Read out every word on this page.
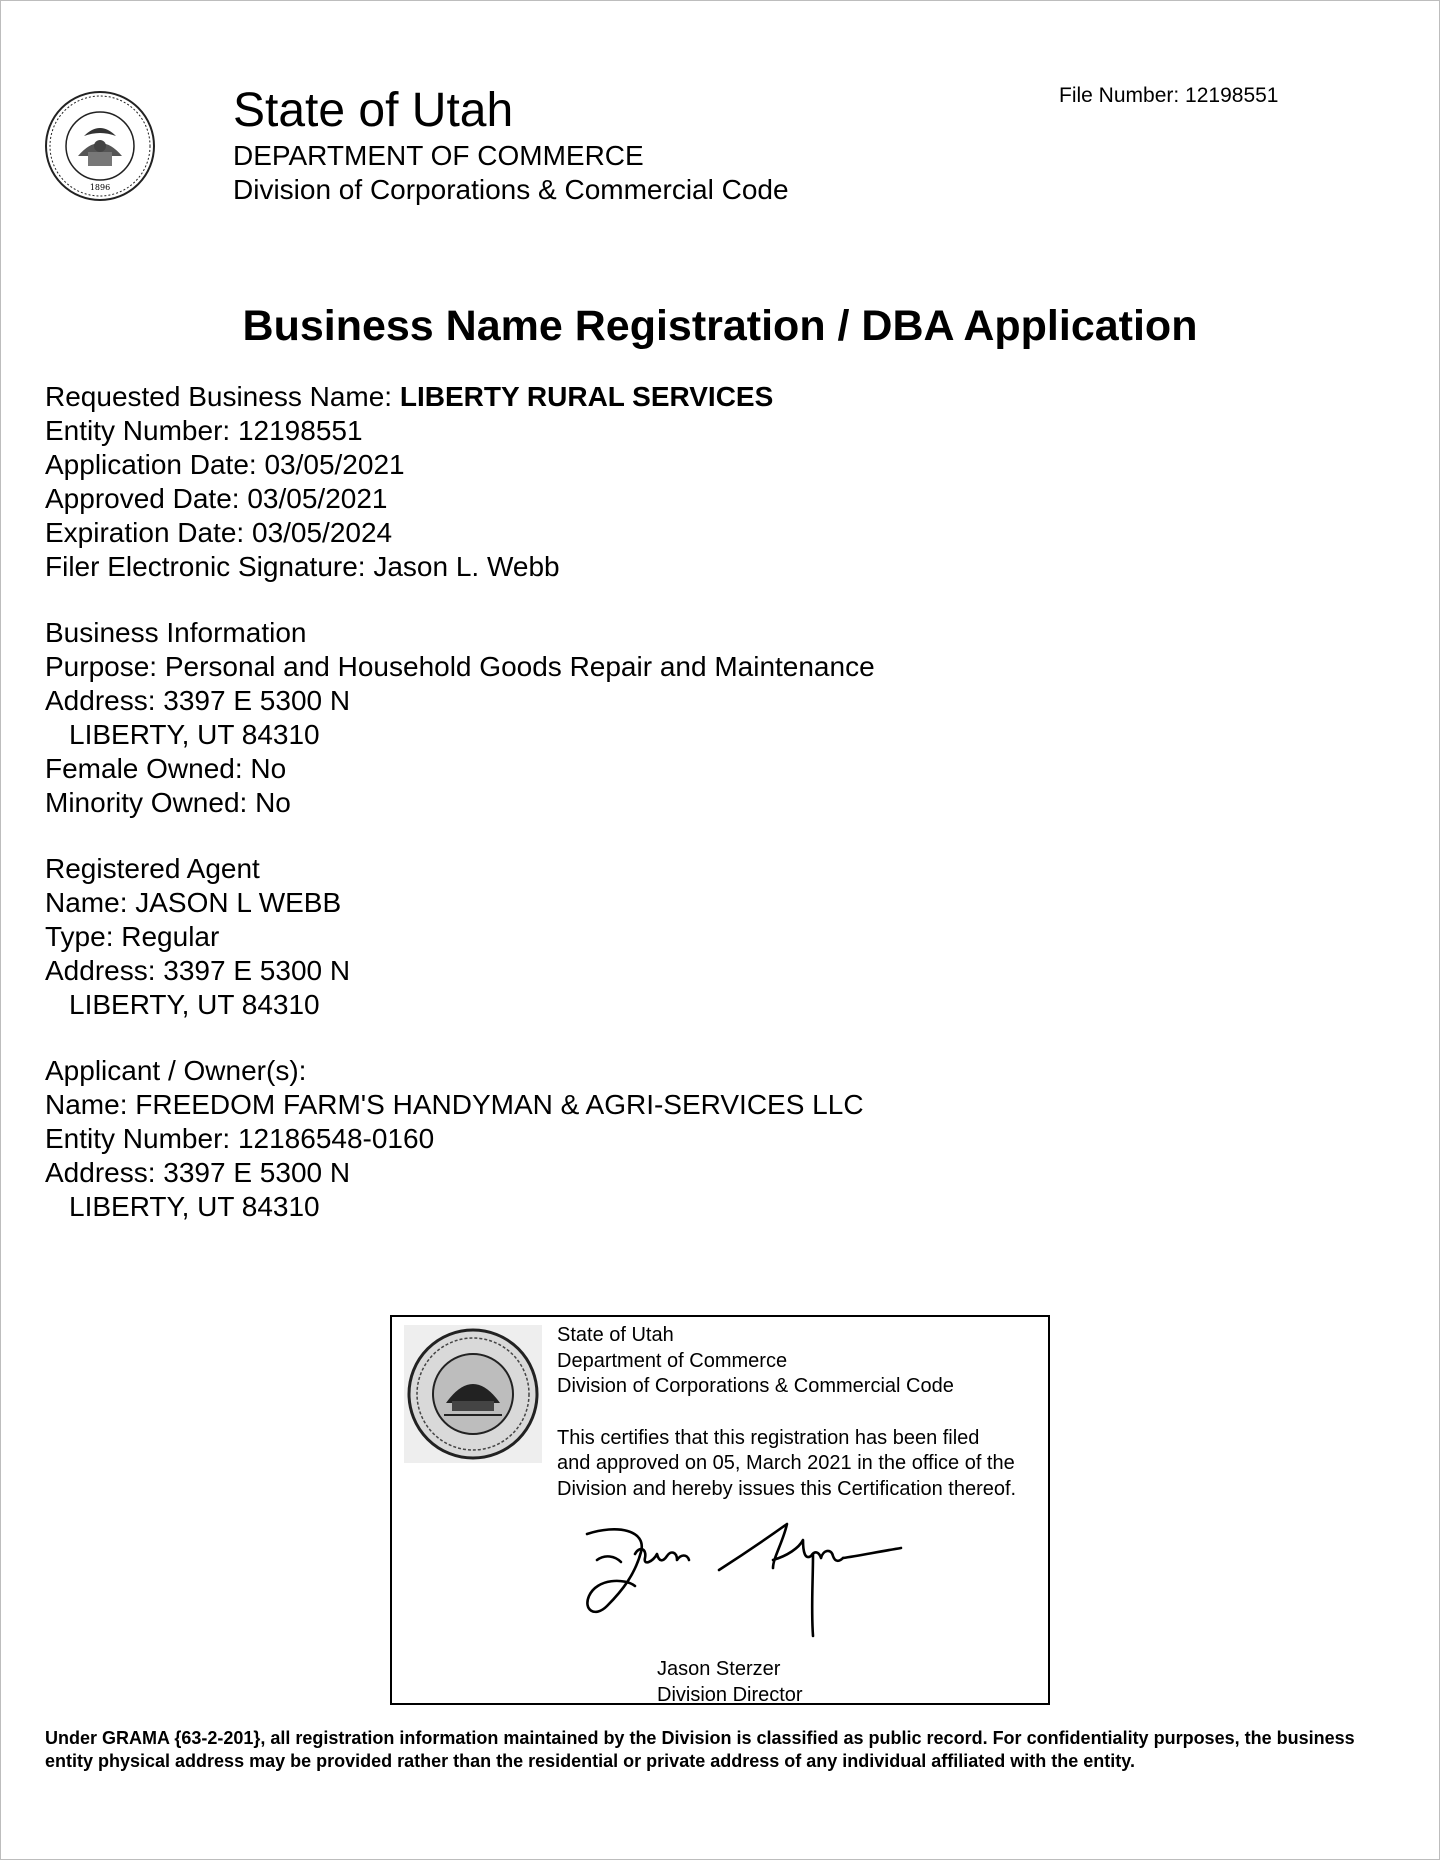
1896
State of Utah
DEPARTMENT OF COMMERCE
Division of Corporations & Commercial Code
File Number: 12198551
Business Name Registration / DBA Application
Requested Business Name: LIBERTY RURAL SERVICES
Entity Number: 12198551
Application Date: 03/05/2021
Approved Date: 03/05/2021
Expiration Date: 03/05/2024
Filer Electronic Signature: Jason L. Webb
Business Information
Purpose: Personal and Household Goods Repair and Maintenance
Address: 3397 E 5300 N
LIBERTY, UT 84310
Female Owned: No
Minority Owned: No
Registered Agent
Name: JASON L WEBB
Type: Regular
Address: 3397 E 5300 N
LIBERTY, UT 84310
Applicant / Owner(s):
Name: FREEDOM FARM'S HANDYMAN & AGRI-SERVICES LLC
Entity Number: 12186548-0160
Address: 3397 E 5300 N
LIBERTY, UT 84310
State of Utah
Department of Commerce
Division of Corporations & Commercial Code
This certifies that this registration has been filed
and approved on 05, March 2021 in the office of the
Division and hereby issues this Certification thereof.
Jason Sterzer
Division Director
Under GRAMA {63-2-201}, all registration information maintained by the Division is classified as public record. For confidentiality purposes, the business entity physical address may be provided rather than the residential or private address of any individual affiliated with the entity.
